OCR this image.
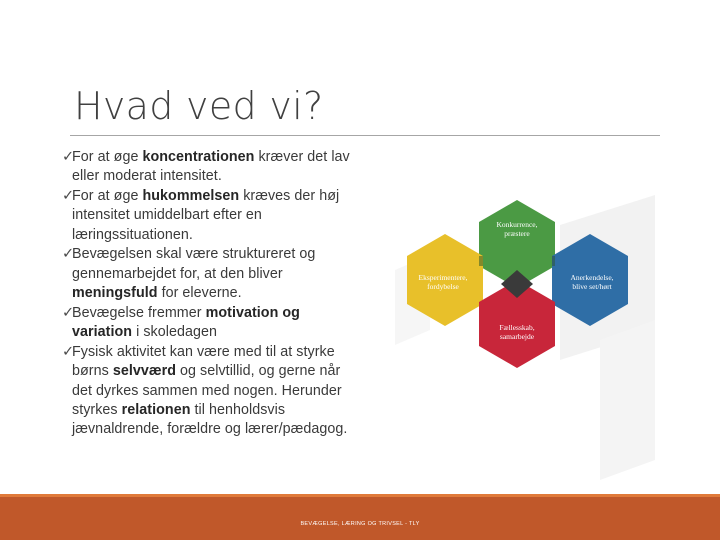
Hvad ved vi?
✓
For at øge koncentrationen kræver det lav eller moderat intensitet.
✓
For at øge hukommelsen kræves der høj intensitet umiddelbart efter en læringssituationen.
✓
Bevægelsen skal være struktureret og gennemarbejdet for, at den bliver meningsfuld for eleverne.
✓
Bevægelse fremmer motivation og variation i skoledagen
✓
Fysisk aktivitet kan være med til at styrke børns selvværd og selvtillid, og gerne når det dyrkes sammen med nogen. Herunder styrkes relationen til henholdsvis jævnaldrende, forældre og lærer/pædagog.
Konkurrence,
præstere
Eksperimentere,
fordybelse
Anerkendelse,
blive set/hørt
Fællesskab,
samarbejde
BEVÆGELSE, LÆRING OG TRIVSEL - TLY
